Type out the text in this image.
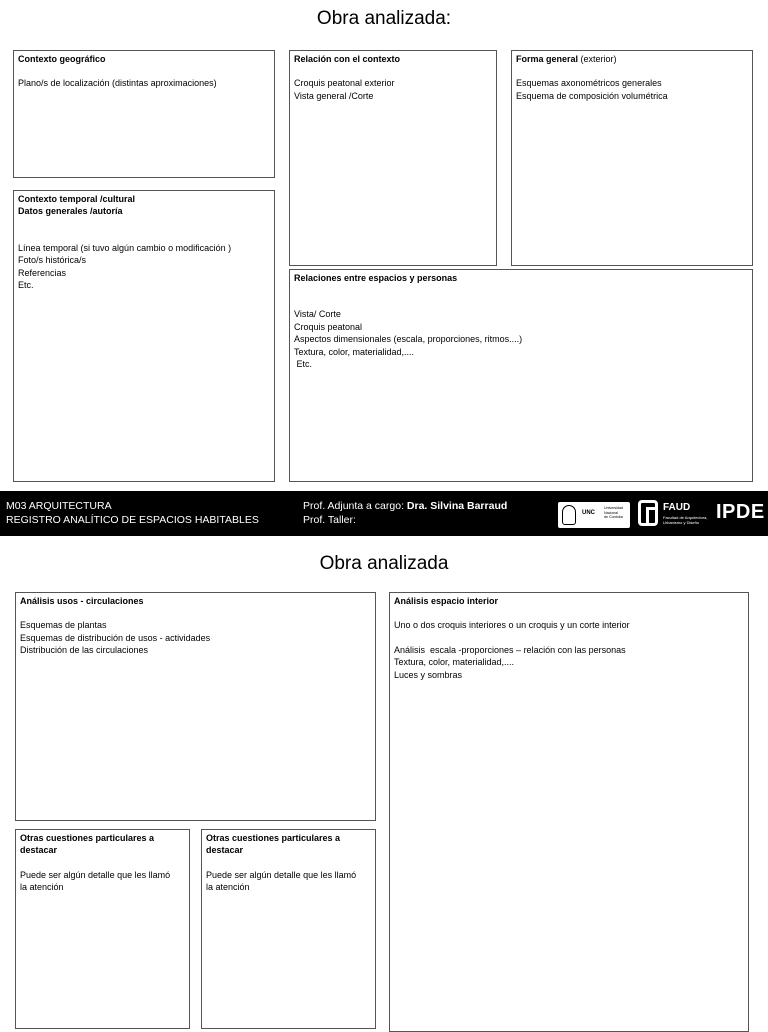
Obra analizada:
Contexto geográfico
Plano/s de localización (distintas aproximaciones)
Relación con el contexto
Croquis peatonal exterior
Vista general /Corte
Forma general (exterior)
Esquemas axonométricos generales
Esquema de composición volumétrica
Contexto temporal /cultural
Datos generales /autoría
Línea temporal (si tuvo algún cambio o modificación )
Foto/s histórica/s
Referencias
Etc.
Relaciones entre espacios y personas
Vista/ Corte
Croquis peatonal
Aspectos dimensionales (escala, proporciones, ritmos....)
Textura, color, materialidad,....
Etc.
M03 ARQUITECTURA
REGISTRO ANALÍTICO DE ESPACIOS HABITABLES
Prof. Adjunta a cargo: Dra. Silvina Barraud
Prof. Taller:
UNC
Universidad
Nacional
de Córdoba
FAUD
Facultad de Arquitectura,
Urbanismo y Diseño IPDE
Obra analizada
Análisis usos - circulaciones
Esquemas de plantas
Esquemas de distribución de usos - actividades
Distribución de las circulaciones
Análisis espacio interior
Uno o dos croquis interiores o un croquis y un corte interior
Análisis  escala -proporciones – relación con las personas
Textura, color, materialidad,....
Luces y sombras
Otras cuestiones particulares a
destacar
Puede ser algún detalle que les llamó
la atención
Otras cuestiones particulares a
destacar
Puede ser algún detalle que les llamó
la atención
